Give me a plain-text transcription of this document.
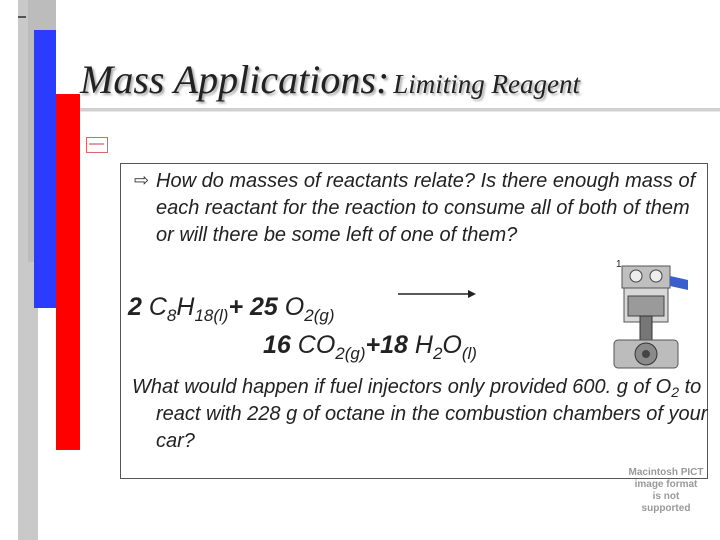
Mass Applications: Limiting Reagent
⇨ How do masses of reactants relate? Is there enough mass of each reactant for the reaction to consume all of both of them or will there be some left of one of them?

1
2 $C_8H_{18(l)}+ 25$ $O_{2(g)}$
16 $CO_{2(g)}+18$ $H_2O_{(l)}$

What would happen if fuel injectors only provided 600. g of $O_2$ to react with 228 g of octane in the combustion chambers of your car?

Macintosh PICT
image format
is not supported
